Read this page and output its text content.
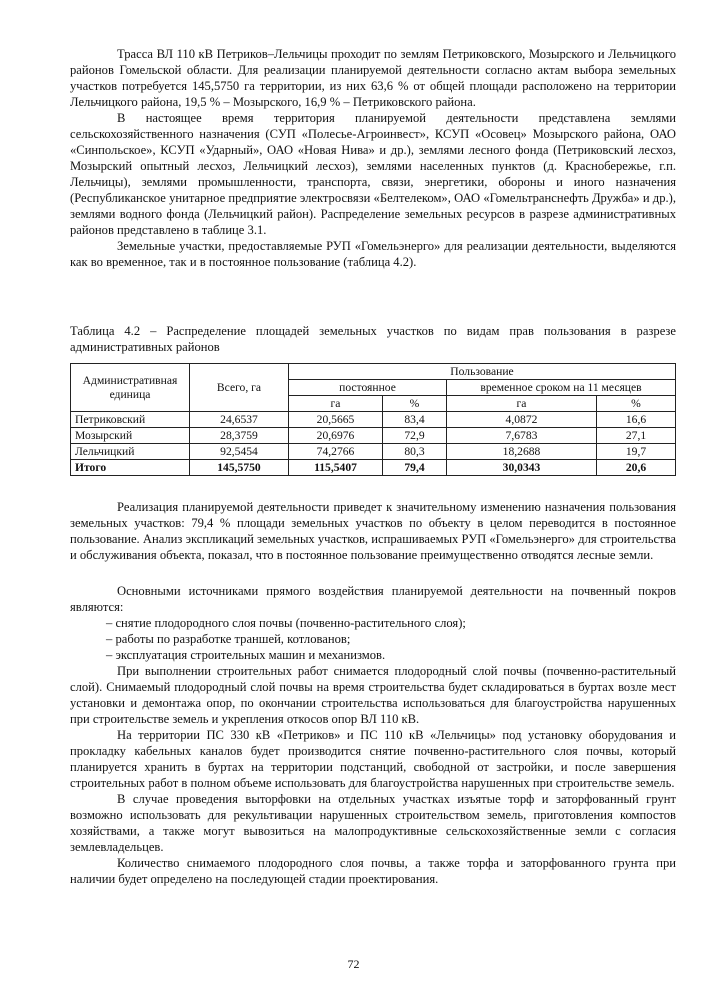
Трасса ВЛ 110 кВ Петриков–Лельчицы проходит по землям Петриковского, Мозырского и Лельчицкого районов Гомельской области. Для реализации планируемой деятельности согласно актам выбора земельных участков потребуется 145,5750 га территории, из них 63,6 % от общей площади расположено на территории Лельчицкого района, 19,5 % – Мозырского, 16,9 % – Петриковского района.

В настоящее время территория планируемой деятельности представлена землями сельскохозяйственного назначения (СУП «Полесье-Агроинвест», КСУП «Осовец» Мозырского района, ОАО «Синпольское», КСУП «Ударный», ОАО «Новая Нива» и др.), землями лесного фонда (Петриковский лесхоз, Мозырский опытный лесхоз, Лельчицкий лесхоз), землями населенных пунктов (д. Краснобережье, г.п. Лельчицы), землями промышленности, транспорта, связи, энергетики, обороны и иного назначения (Республиканское унитарное предприятие электросвязи «Белтелеком», ОАО «Гомельтранснефть Дружба» и др.), землями водного фонда (Лельчицкий район). Распределение земельных ресурсов в разрезе административных районов представлено в таблице 3.1.

Земельные участки, предоставляемые РУП «Гомельэнерго» для реализации деятельности, выделяются как во временное, так и в постоянное пользование (таблица 4.2).

Таблица 4.2 – Распределение площадей земельных участков по видам прав пользования в разрезе административных районов
Административная единица	Всего, га	Пользование			
		постоянное		временное сроком на 11 месяцев	
		га	%	га	%
Петриковский	24,6537	20,5665	83,4	4,0872	16,6
Мозырский	28,3759	20,6976	72,9	7,6783	27,1
Лельчицкий	92,5454	74,2766	80,3	18,2688	19,7
Итого	145,5750	115,5407	79,4	30,0343	20,6

Реализация планируемой деятельности приведет к значительному изменению назначения пользования земельных участков: 79,4 % площади земельных участков по объекту в целом переводится в постоянное пользование. Анализ экспликаций земельных участков, испрашиваемых РУП «Гомельэнерго» для строительства и обслуживания объекта, показал, что в постоянное пользование преимущественно отводятся лесные земли.

Основными источниками прямого воздействия планируемой деятельности на почвенный покров являются:

– снятие плодородного слоя почвы (почвенно-растительного слоя);

– работы по разработке траншей, котлованов;

– эксплуатация строительных машин и механизмов.

При выполнении строительных работ снимается плодородный слой почвы (почвенно-растительный слой). Снимаемый плодородный слой почвы на время строительства будет складироваться в буртах возле мест установки и демонтажа опор, по окончании строительства использоваться для благоустройства нарушенных при строительстве земель и укрепления откосов опор ВЛ 110 кВ.

На территории ПС 330 кВ «Петриков» и ПС 110 кВ «Лельчицы» под установку оборудования и прокладку кабельных каналов будет производится снятие почвенно-растительного слоя почвы, который планируется хранить в буртах на территории подстанций, свободной от застройки, и после завершения строительных работ в полном объеме использовать для благоустройства нарушенных при строительстве земель.

В случае проведения выторфовки на отдельных участках изъятые торф и заторфованный грунт возможно использовать для рекультивации нарушенных строительством земель, приготовления компостов хозяйствами, а также могут вывозиться на малопродуктивные сельскохозяйственные земли с согласия землевладельцев.

Количество снимаемого плодородного слоя почвы, а также торфа и заторфованного грунта при наличии будет определено на последующей стадии проектирования.

72
